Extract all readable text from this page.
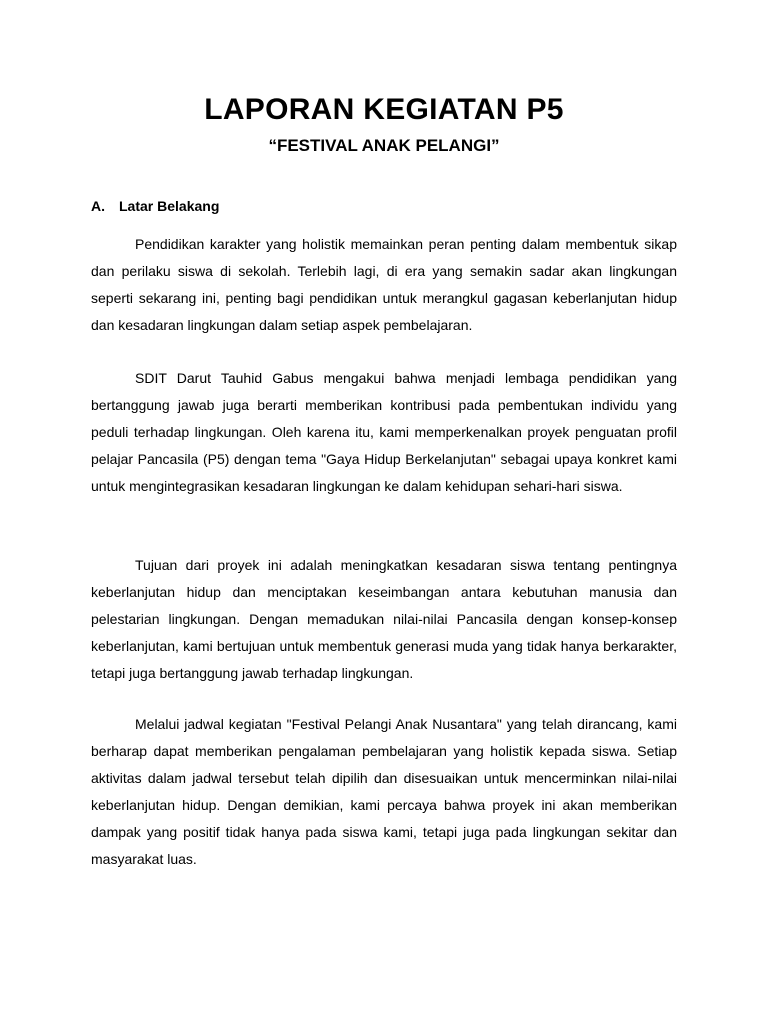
LAPORAN KEGIATAN P5
“FESTIVAL ANAK PELANGI”
A. Latar Belakang

Pendidikan karakter yang holistik memainkan peran penting dalam membentuk sikap dan perilaku siswa di sekolah. Terlebih lagi, di era yang semakin sadar akan lingkungan seperti sekarang ini, penting bagi pendidikan untuk merangkul gagasan keberlanjutan hidup dan kesadaran lingkungan dalam setiap aspek pembelajaran.

SDIT Darut Tauhid Gabus mengakui bahwa menjadi lembaga pendidikan yang bertanggung jawab juga berarti memberikan kontribusi pada pembentukan individu yang peduli terhadap lingkungan. Oleh karena itu, kami memperkenalkan proyek penguatan profil pelajar Pancasila (P5) dengan tema "Gaya Hidup Berkelanjutan" sebagai upaya konkret kami untuk mengintegrasikan kesadaran lingkungan ke dalam kehidupan sehari-hari siswa.

Tujuan dari proyek ini adalah meningkatkan kesadaran siswa tentang pentingnya keberlanjutan hidup dan menciptakan keseimbangan antara kebutuhan manusia dan pelestarian lingkungan. Dengan memadukan nilai-nilai Pancasila dengan konsep-konsep keberlanjutan, kami bertujuan untuk membentuk generasi muda yang tidak hanya berkarakter, tetapi juga bertanggung jawab terhadap lingkungan.

Melalui jadwal kegiatan "Festival Pelangi Anak Nusantara" yang telah dirancang, kami berharap dapat memberikan pengalaman pembelajaran yang holistik kepada siswa. Setiap aktivitas dalam jadwal tersebut telah dipilih dan disesuaikan untuk mencerminkan nilai-nilai keberlanjutan hidup. Dengan demikian, kami percaya bahwa proyek ini akan memberikan dampak yang positif tidak hanya pada siswa kami, tetapi juga pada lingkungan sekitar dan masyarakat luas.
